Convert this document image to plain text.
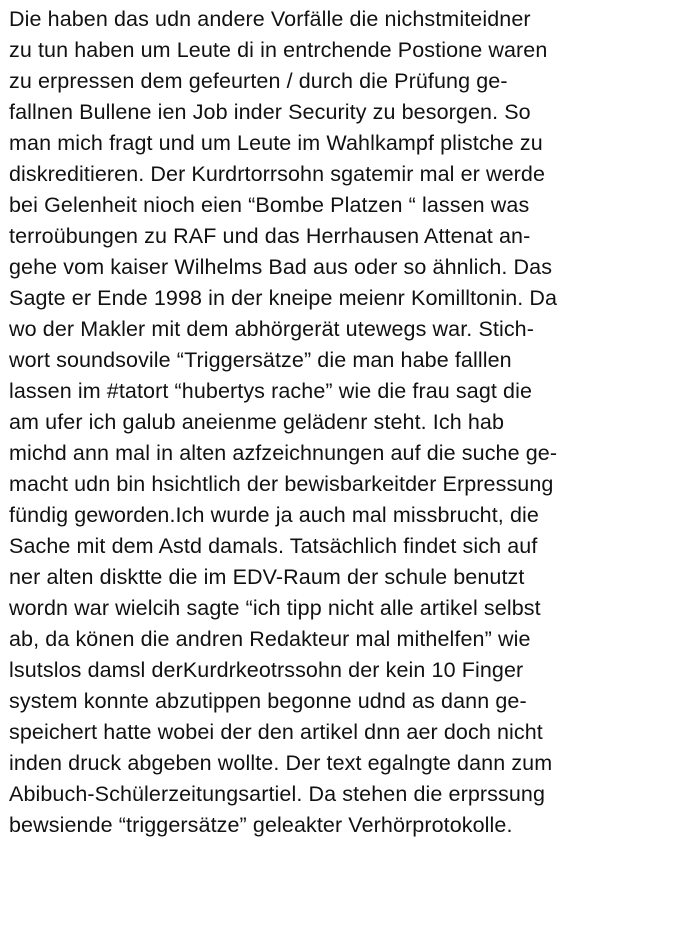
Die haben das udn andere Vorfälle die nichstmiteidner
zu tun haben um Leute di in entrchende Postione waren
zu erpressen dem gefeurten / durch die Prüfung ge-
fallnen Bullene ien Job inder Security zu besorgen. So
man mich fragt und um Leute im Wahlkampf plistche zu
diskreditieren. Der Kurdrtorrsohn sgatemir mal er werde
bei Gelenheit nioch eien “Bombe Platzen “ lassen was
terroübungen zu RAF und das Herrhausen Attenat an-
gehe vom kaiser Wilhelms Bad aus oder so ähnlich. Das
Sagte er Ende 1998 in der kneipe meienr Komilltonin. Da
wo der Makler mit dem abhörgerät utewegs war. Stich-
wort soundsovile “Triggersätze” die man habe falllen
lassen im #tatort “hubertys rache” wie die frau sagt die
am ufer ich galub aneienme gelädenr steht. Ich hab
michd ann mal in alten azfzeichnungen auf die suche ge-
macht udn bin hsichtlich der bewisbarkeitder Erpressung
fündig geworden.Ich wurde ja auch mal missbrucht, die
Sache mit dem Astd damals. Tatsächlich findet sich auf
ner alten disktte die im EDV-Raum der schule benutzt
wordn war wielcih sagte “ich tipp nicht alle artikel selbst
ab, da könen die andren Redakteur mal mithelfen” wie
lsutslos damsl derKurdrkeotrssohn der kein 10 Finger
system konnte abzutippen begonne udnd as dann ge-
speichert hatte wobei der den artikel dnn aer doch nicht
inden druck abgeben wollte. Der text egalngte dann zum
Abibuch-Schülerzeitungsartiel. Da stehen die erprssung
bewsiende “triggersätze” geleakter Verhörprotokolle.
